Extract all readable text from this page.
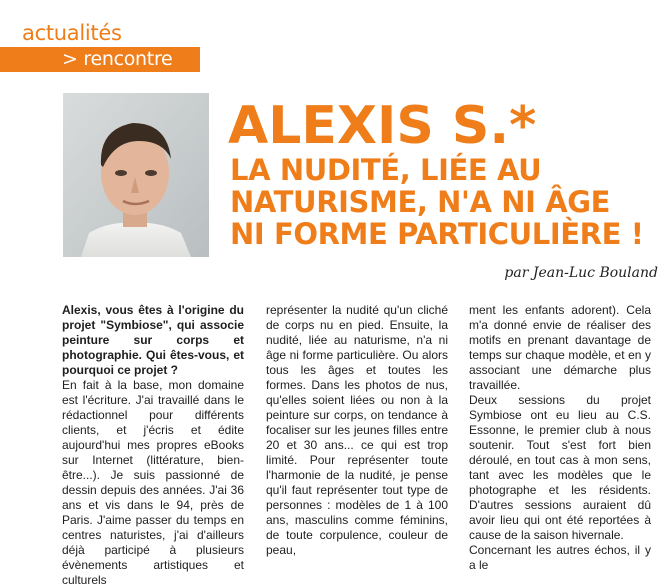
actualités
> rencontre
ALEXIS S.*
LA NUDITÉ, LIÉE AU
NATURISME, N'A NI ÂGE
NI FORME PARTICULIÈRE !
par Jean-Luc Bouland

Alexis, vous êtes à l'origine du projet "Symbiose", qui associe peinture sur corps et photographie. Qui êtes-vous, et pourquoi ce projet ?

En fait à la base, mon domaine est l'écriture. J'ai travaillé dans le rédactionnel pour différents clients, et j'écris et édite aujourd'hui mes propres eBooks sur Internet (littérature, bien-être...). Je suis passionné de dessin depuis des années. J'ai 36 ans et vis dans le 94, près de Paris. J'aime passer du temps en centres naturistes, j'ai d'ailleurs déjà participé à plusieurs évènements artistiques et culturels

représenter la nudité qu'un cliché de corps nu en pied. Ensuite, la nudité, liée au naturisme, n'a ni âge ni forme particulière. Ou alors tous les âges et toutes les formes. Dans les photos de nus, qu'elles soient liées ou non à la peinture sur corps, on tendance à focaliser sur les jeunes filles entre 20 et 30 ans... ce qui est trop limité. Pour représenter toute l'harmonie de la nudité, je pense qu'il faut représenter tout type de personnes : modèles de 1 à 100 ans, masculins comme féminins, de toute corpulence, couleur de peau,

ment les enfants adorent). Cela m'a donné envie de réaliser des motifs en prenant davantage de temps sur chaque modèle, et en y associant une démarche plus travaillée.

Deux sessions du projet Symbiose ont eu lieu au C.S. Essonne, le premier club à nous soutenir. Tout s'est fort bien déroulé, en tout cas à mon sens, tant avec les modèles que le photographe et les résidents. D'autres sessions auraient dû avoir lieu qui ont été reportées à cause de la saison hivernale.

Concernant les autres échos, il y a le
